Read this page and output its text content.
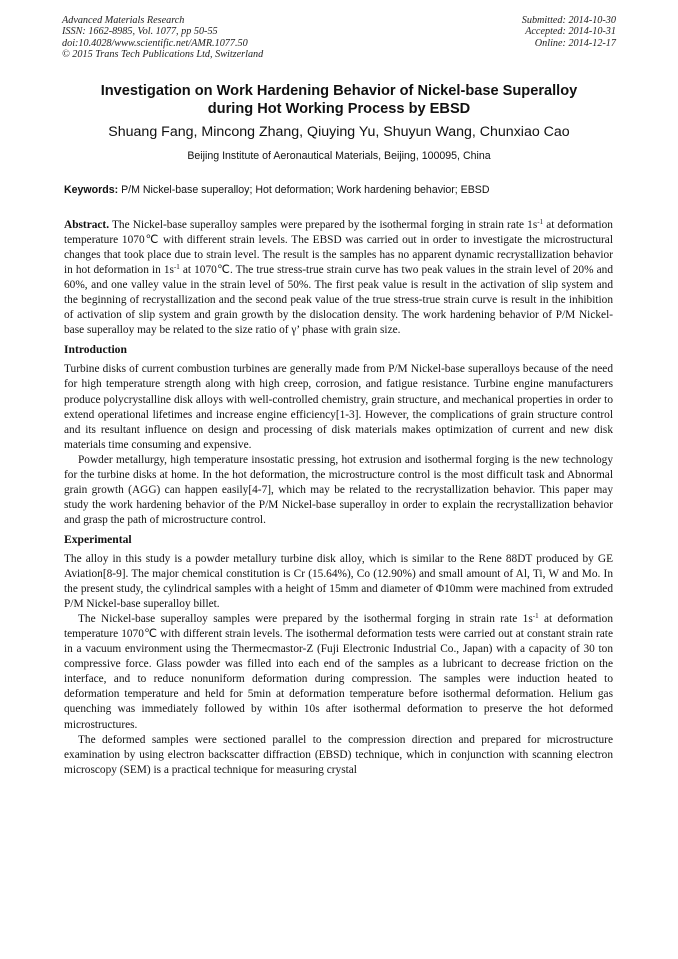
Advanced Materials Research
ISSN: 1662-8985, Vol. 1077, pp 50-55
doi:10.4028/www.scientific.net/AMR.1077.50
© 2015 Trans Tech Publications Ltd, Switzerland
Submitted: 2014-10-30
Accepted: 2014-10-31
Online: 2014-12-17
Investigation on Work Hardening Behavior of Nickel-base Superalloy
during Hot Working Process by EBSD
Shuang Fang, Mincong Zhang, Qiuying Yu, Shuyun Wang, Chunxiao Cao
Beijing Institute of Aeronautical Materials, Beijing, 100095, China
Keywords: P/M Nickel-base superalloy; Hot deformation; Work hardening behavior; EBSD

Abstract. The Nickel-base superalloy samples were prepared by the isothermal forging in strain rate $1s^{-1}$ at deformation temperature 1070℃ with different strain levels. The EBSD was carried out in order to investigate the microstructural changes that took place due to strain level. The result is the samples has no apparent dynamic recrystallization behavior in hot deformation in $1s^{-1}$ at 1070℃. The true stress-true strain curve has two peak values in the strain level of 20% and 60%, and one valley value in the strain level of 50%. The first peak value is result in the activation of slip system and the beginning of recrystallization and the second peak value of the true stress-true strain curve is result in the inhibition of activation of slip system and grain growth by the dislocation density. The work hardening behavior of P/M Nickel-base superalloy may be related to the size ratio of γ’ phase with grain size.

Introduction

Turbine disks of current combustion turbines are generally made from P/M Nickel-base superalloys because of the need for high temperature strength along with high creep, corrosion, and fatigue resistance. Turbine engine manufacturers produce polycrystalline disk alloys with well-controlled chemistry, grain structure, and mechanical properties in order to extend operational lifetimes and increase engine efficiency[1-3]. However, the complications of grain structure control and its resultant influence on design and processing of disk materials makes optimization of current and new disk materials time consuming and expensive.

Powder metallurgy, high temperature insostatic pressing, hot extrusion and isothermal forging is the new technology for the turbine disks at home. In the hot deformation, the microstructure control is the most difficult task and Abnormal grain growth (AGG) can happen easily[4-7], which may be related to the recrystallization behavior. This paper may study the work hardening behavior of the P/M Nickel-base superalloy in order to explain the recrystallization behavior and grasp the path of microstructure control.

Experimental

The alloy in this study is a powder metallury turbine disk alloy, which is similar to the Rene 88DT produced by GE Aviation[8-9]. The major chemical constitution is Cr (15.64%), Co (12.90%) and small amount of Al, Ti, W and Mo. In the present study, the cylindrical samples with a height of 15mm and diameter of Φ10mm were machined from extruded P/M Nickel-base superalloy billet.

The Nickel-base superalloy samples were prepared by the isothermal forging in strain rate $1s^{-1}$ at deformation temperature 1070℃ with different strain levels. The isothermal deformation tests were carried out at constant strain rate in a vacuum environment using the Thermecmastor-Z (Fuji Electronic Industrial Co., Japan) with a capacity of 30 ton compressive force. Glass powder was filled into each end of the samples as a lubricant to decrease friction on the interface, and to reduce nonuniform deformation during compression. The samples were induction heated to deformation temperature and held for 5min at deformation temperature before isothermal deformation. Helium gas quenching was immediately followed by within 10s after isothermal deformation to preserve the hot deformed microstructures.

The deformed samples were sectioned parallel to the compression direction and prepared for microstructure examination by using electron backscatter diffraction (EBSD) technique, which in conjunction with scanning electron microscopy (SEM) is a practical technique for measuring crystal
